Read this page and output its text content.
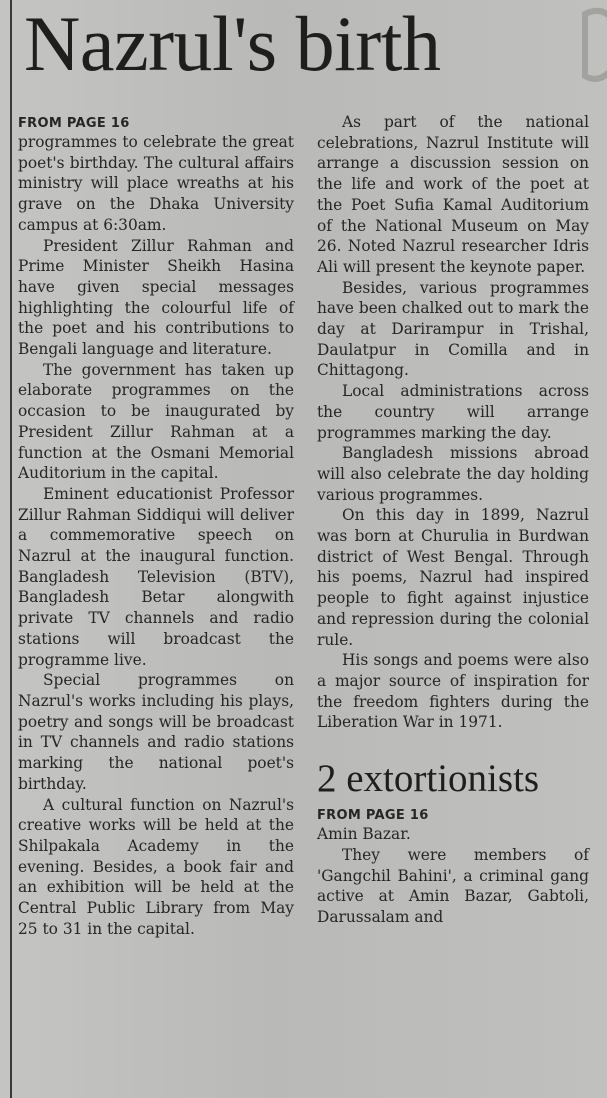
Nazrul's birth
FROM PAGE 16

programmes to celebrate the great poet's birthday. The cultural affairs ministry will place wreaths at his grave on the Dhaka University campus at 6:30am.

President Zillur Rahman and Prime Minister Sheikh Hasina have given special messages highlighting the colourful life of the poet and his contributions to Bengali language and literature.

The government has taken up elaborate programmes on the occasion to be inaugurated by President Zillur Rahman at a function at the Osmani Memorial Auditorium in the capital.

Eminent educationist Professor Zillur Rahman Siddiqui will deliver a commemorative speech on Nazrul at the inaugural function. Bangladesh Television (BTV), Bangladesh Betar alongwith private TV channels and radio stations will broadcast the programme live.

Special programmes on Nazrul's works including his plays, poetry and songs will be broadcast in TV channels and radio stations marking the national poet's birthday.

A cultural function on Nazrul's creative works will be held at the Shilpakala Academy in the evening. Besides, a book fair and an exhibition will be held at the Central Public Library from May 25 to 31 in the capital.

As part of the national celebrations, Nazrul Institute will arrange a discussion session on the life and work of the poet at the Poet Sufia Kamal Auditorium of the National Museum on May 26. Noted Nazrul researcher Idris Ali will present the keynote paper.

Besides, various programmes have been chalked out to mark the day at Darirampur in Trishal, Daulatpur in Comilla and in Chittagong.

Local administrations across the country will arrange programmes marking the day.

Bangladesh missions abroad will also celebrate the day holding various programmes.

On this day in 1899, Nazrul was born at Churulia in Burdwan district of West Bengal. Through his poems, Nazrul had inspired people to fight against injustice and repression during the colonial rule.

His songs and poems were also a major source of inspiration for the freedom fighters during the Liberation War in 1971.

2 extortionists
FROM PAGE 16

Amin Bazar.

They were members of 'Gangchil Bahini', a criminal gang active at Amin Bazar, Gabtoli, Darussalam and
